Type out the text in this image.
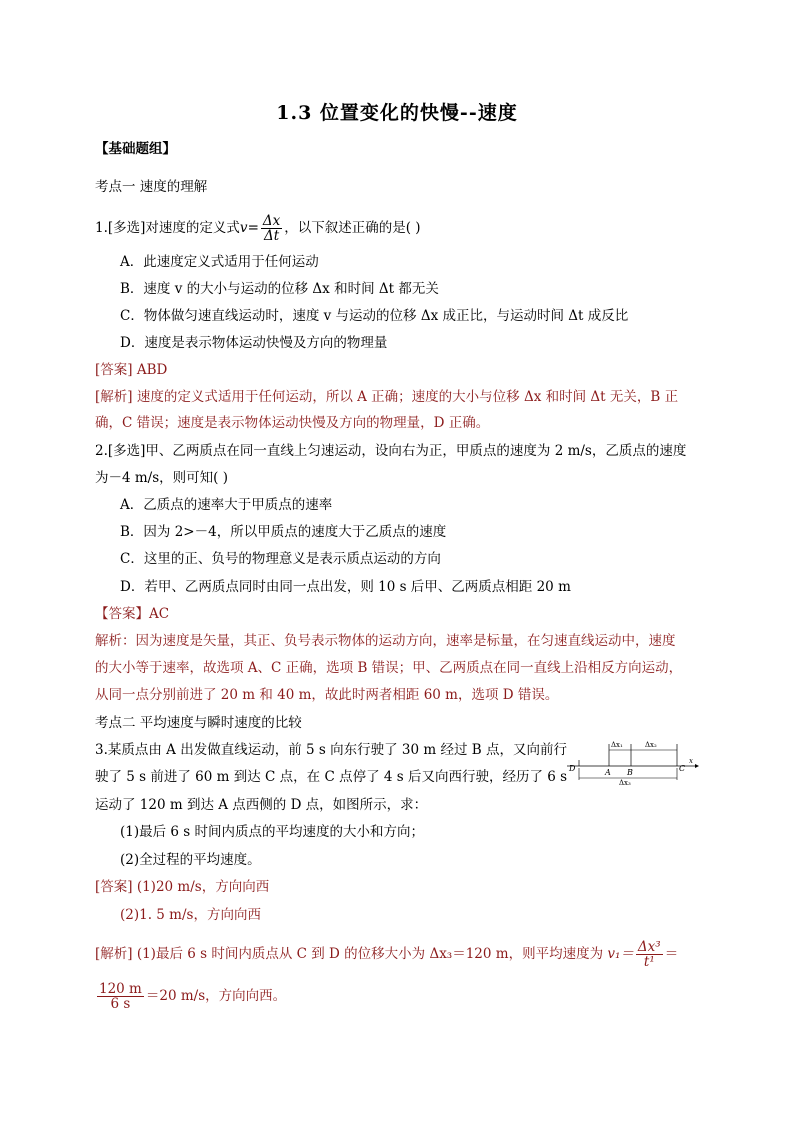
1.3 位置变化的快慢--速度
【基础题组】
考点一 速度的理解
1.[多选]对速度的定义式$v= \frac{\Delta x}{\Delta t}$ ，以下叙述正确的是( )
A．此速度定义式适用于任何运动
B．速度 v 的大小与运动的位移 Δx 和时间 Δt 都无关
C．物体做匀速直线运动时，速度 v 与运动的位移 Δx 成正比，与运动时间 Δt 成反比
D．速度是表示物体运动快慢及方向的物理量
[答案] ABD
[解析] 速度的定义式适用于任何运动，所以 A 正确；速度的大小与位移 Δx 和时间 Δt 无关，B 正
确，C 错误；速度是表示物体运动快慢及方向的物理量，D 正确。
2.[多选]甲、乙两质点在同一直线上匀速运动，设向右为正，甲质点的速度为 2 m/s，乙质点的速度
为－4 m/s，则可知( )
A．乙质点的速率大于甲质点的速率
B．因为 2>－4，所以甲质点的速度大于乙质点的速度
C．这里的正、负号的物理意义是表示质点运动的方向
D．若甲、乙两质点同时由同一点出发，则 10 s 后甲、乙两质点相距 20 m
【答案】AC
解析：因为速度是矢量，其正、负号表示物体的运动方向，速率是标量，在匀速直线运动中，速度
的大小等于速率，故选项 A、C 正确，选项 B 错误；甲、乙两质点在同一直线上沿相反方向运动，
从同一点分别前进了 20 m 和 40 m，故此时两者相距 60 m，选项 D 错误。
考点二 平均速度与瞬时速度的比较
3.某质点由 A 出发做直线运动，前 5 s 向东行驶了 30 m 经过 B 点，又向前行
驶了 5 s 前进了 60 m 到达 C 点，在 C 点停了 4 s 后又向西行驶，经历了 6 s
运动了 120 m 到达 A 点西侧的 D 点，如图所示，求：
D	A B	C
x
Δx₁	Δx₂
Δx₃
(1)最后 6 s 时间内质点的平均速度的大小和方向；
(2)全过程的平均速度。
[答案] (1)20 m/s，方向向西
(2)1. 5 m/s，方向向西
[解析] (1)最后 6 s 时间内质点从 C 到 D 的位移大小为 Δx₃＝120 m，则平均速度为 $v_1= \frac{\text{Δx³}}{\text{t¹}}$ ＝
$\frac{120 m}{6 s} =20$ m/s，方向向西。
